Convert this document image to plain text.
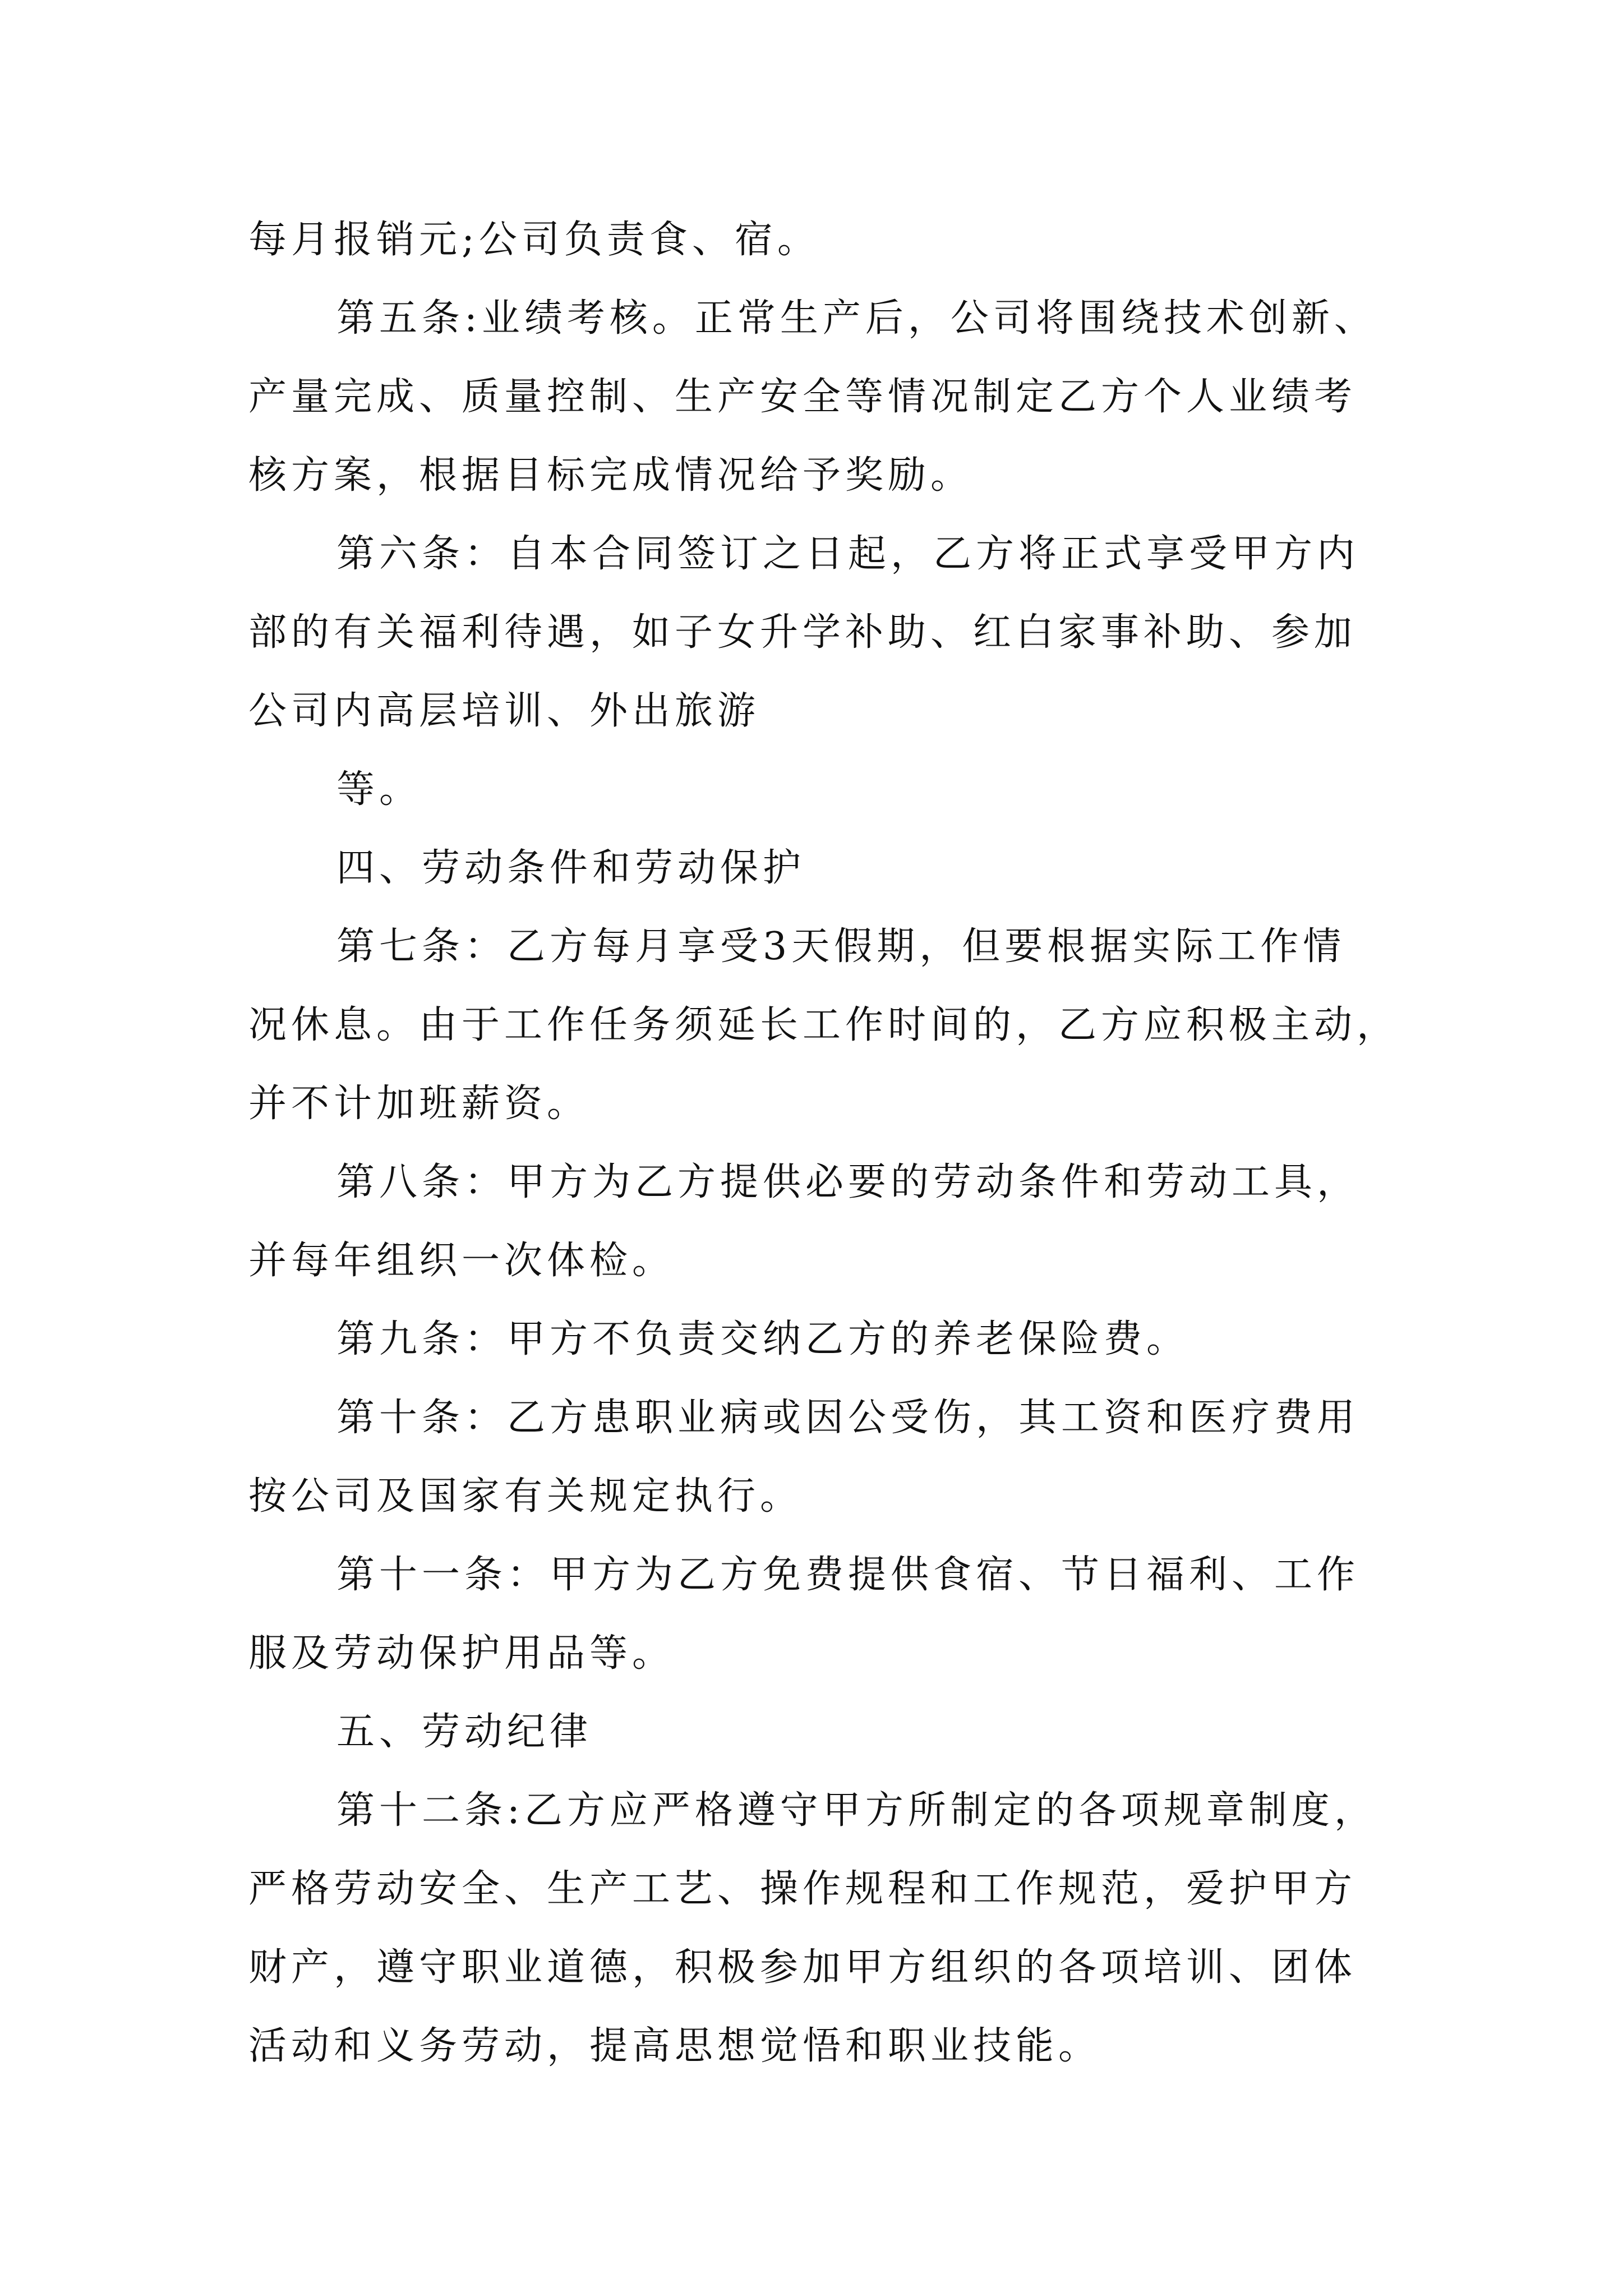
每月报销元;公司负责食、宿。
第五条:业绩考核。正常生产后，公司将围绕技术创新、
产量完成、质量控制、生产安全等情况制定乙方个人业绩考
核方案，根据目标完成情况给予奖励。
第六条：自本合同签订之日起，乙方将正式享受甲方内
部的有关福利待遇，如子女升学补助、红白家事补助、参加
公司内高层培训、外出旅游
等。
四、劳动条件和劳动保护
第七条：乙方每月享受3天假期，但要根据实际工作情
况休息。由于工作任务须延长工作时间的，乙方应积极主动，
并不计加班薪资。
第八条：甲方为乙方提供必要的劳动条件和劳动工具，
并每年组织一次体检。
第九条：甲方不负责交纳乙方的养老保险费。
第十条：乙方患职业病或因公受伤，其工资和医疗费用
按公司及国家有关规定执行。
第十一条：甲方为乙方免费提供食宿、节日福利、工作
服及劳动保护用品等。
五、劳动纪律
第十二条:乙方应严格遵守甲方所制定的各项规章制度，
严格劳动安全、生产工艺、操作规程和工作规范，爱护甲方
财产，遵守职业道德，积极参加甲方组织的各项培训、团体
活动和义务劳动，提高思想觉悟和职业技能。
